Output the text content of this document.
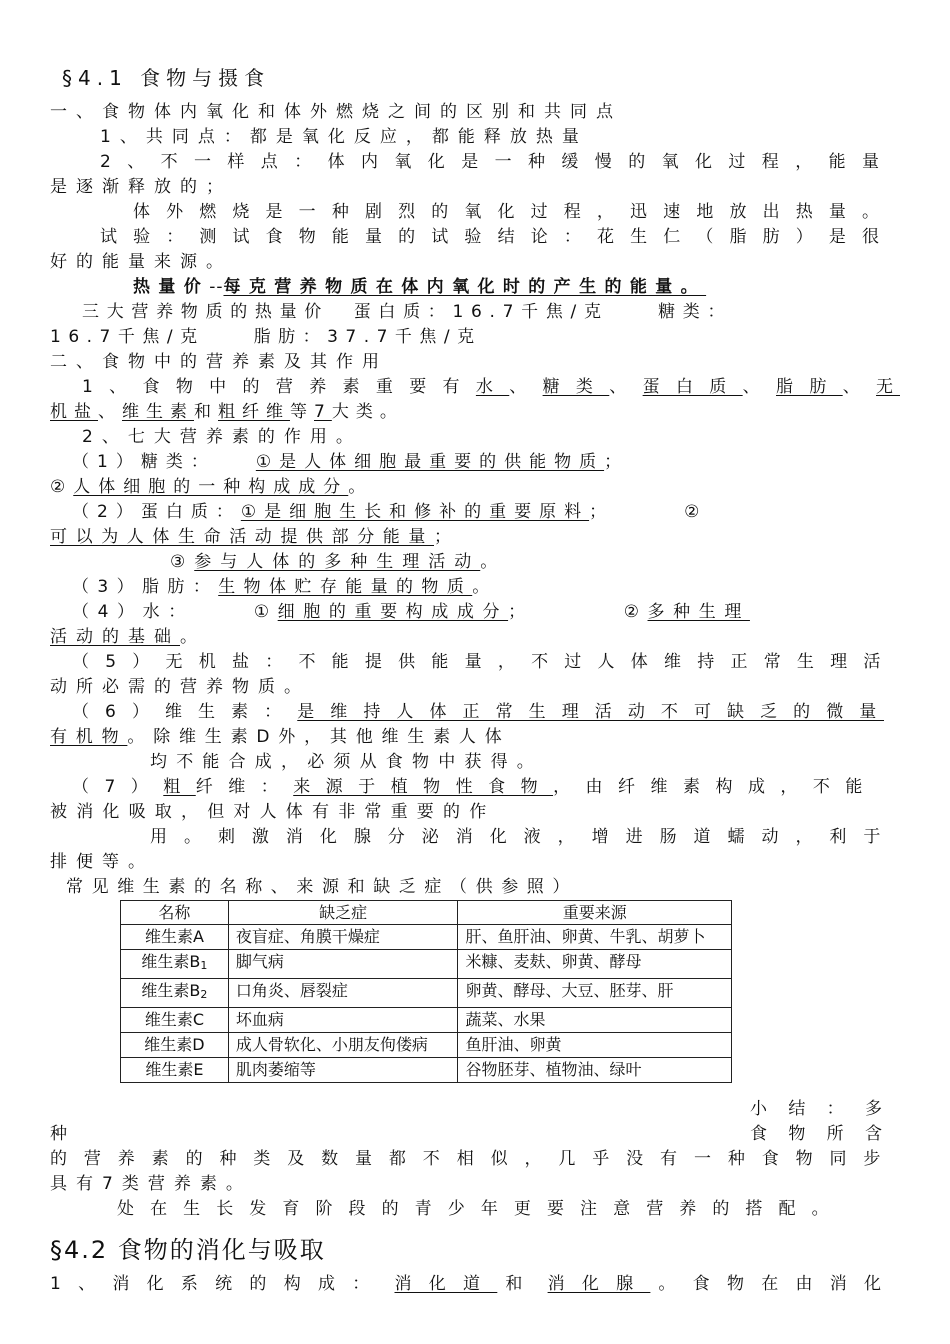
§4.1 食物与摄食
一、食物体内氧化和体外燃烧之间的区别和共同点
1、共同点：都是氧化反应，都能释放热量
2、不一样点：体内氧化是一种缓慢的氧化过程，能量
是逐渐释放的；
体外燃烧是一种剧烈的氧化过程，迅速地放出热量。
试验：测试食物能量的试验结论：花生仁（脂肪）是很
好的能量来源。
热量价--每克营养物质在体内氧化时的产生的能量。
三大营养物质的热量价　蛋白质：16.7千焦/克　　糖类：
16.7千焦/克　　脂肪：37.7千焦/克
二、食物中的营养素及其作用
1、食物中的营养素重要有水、糖类、蛋白质、脂肪、无
机盐、维生素和粗纤维等7大类。
2、七大营养素的作用。
（1）糖类： ①是人体细胞最重要的供能物质；
②人体细胞的一种构成成分。
（2）蛋白质：①是细胞生长和修补的重要原料；	②
可以为人体生命活动提供部分能量；
③参与人体的多种生理活动。
（3）脂肪：生物体贮存能量的物质。
（4）水：	①细胞的重要构成成分；	②多种生理
活动的基础。
（5）无机盐：不能提供能量，不过人体维持正常生理活
动所必需的营养物质。
（6）维生素：是维持人体正常生理活动不可缺乏的微量
有机物。除维生素D外，其他维生素人体
均不能合成，必须从食物中获得。
（7）粗纤维：来源于植物性食物，由纤维素构成，不能
被消化吸取，但对人体有非常重要的作
用。刺激消化腺分泌消化液，增进肠道蠕动，利于
排便等。
常见维生素的名称、来源和缺乏症（供参照）
名称	缺乏症	重要来源
维生素A	夜盲症、角膜干燥症	肝、鱼肝油、卵黄、牛乳、胡萝卜
维生素B1	脚气病	米糠、麦麸、卵黄、酵母
维生素B2	口角炎、唇裂症	卵黄、酵母、大豆、胚芽、肝
维生素C	坏血病	蔬菜、水果
维生素D	成人骨软化、小朋友佝偻病	鱼肝油、卵黄
维生素E	肌肉萎缩等	谷物胚芽、植物油、绿叶
小结：多
种	食物所含
的营养素的种类及数量都不相似，几乎没有一种食物同步
具有7类营养素。
处在生长发育阶段的青少年更要注意营养的搭配。
§4.2 食物的消化与吸取
1、消化系统的构成： 消化道 和 消化腺 。食物在由消化
